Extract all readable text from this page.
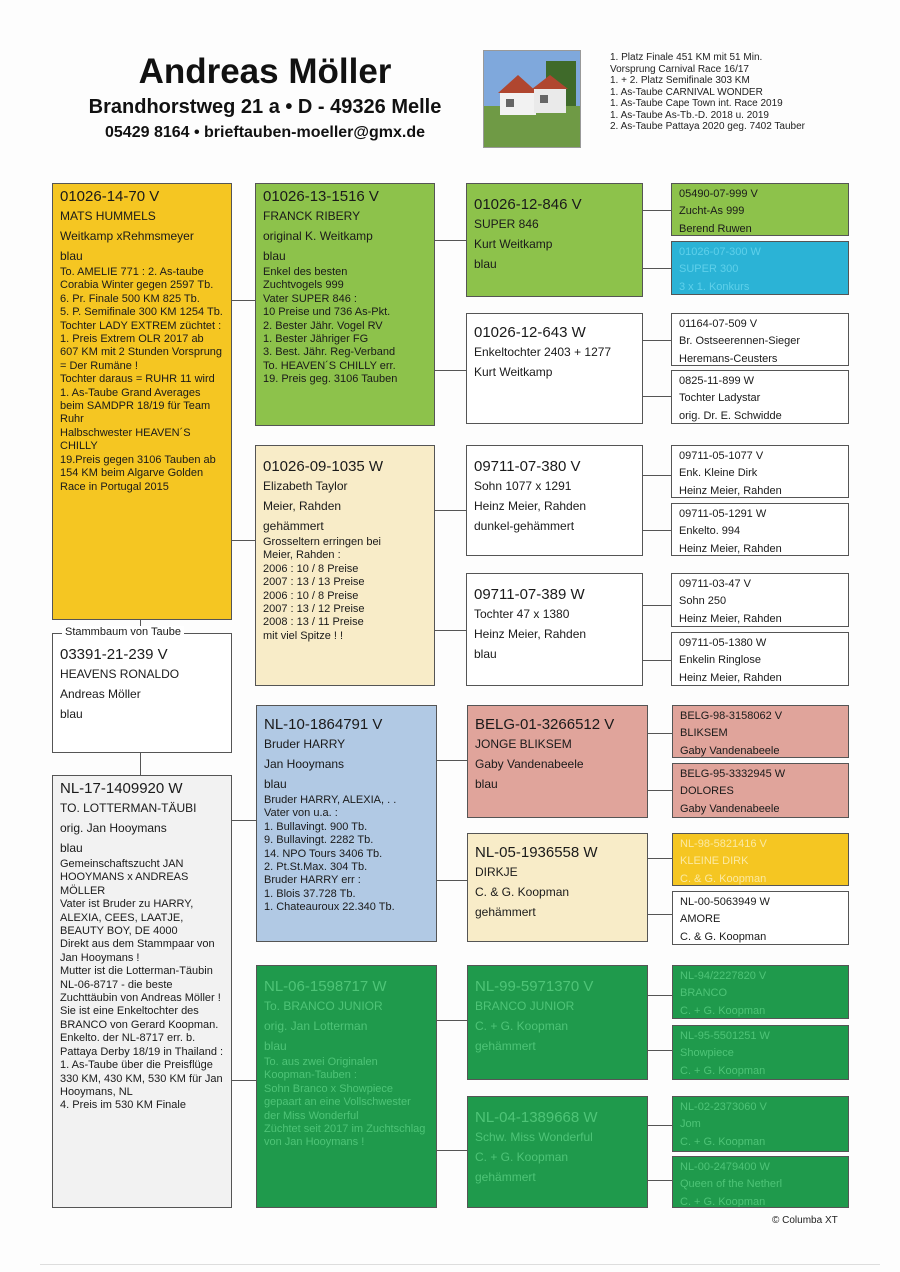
Andreas Möller
Brandhorstweg 21 a • D - 49326 Melle
05429 8164 • brieftauben-moeller@gmx.de
1. Platz Finale 451 KM mit 51 Min.
Vorsprung Carnival Race 16/17
1. + 2. Platz Semifinale 303 KM
1. As-Taube CARNIVAL WONDER
1. As-Taube Cape Town int. Race 2019
1. As-Taube As-Tb.-D. 2018 u. 2019
2. As-Taube Pattaya 2020 geg. 7402 Tauber
01026-14-70 V
MATS HUMMELS
Weitkamp xRehmsmeyer
blau
To. AMELIE 771 : 2. As-taube Corabia Winter gegen 2597 Tb.
6. Pr. Finale 500 KM 825 Tb.
5. P. Semifinale 300 KM 1254 Tb.
Tochter LADY EXTREM züchtet :
1. Preis Extrem OLR 2017 ab 607 KM mit 2 Stunden Vorsprung = Der Rumäne !
Tochter daraus = RUHR 11 wird 1. As-Taube Grand Averages beim SAMDPR 18/19 für Team Ruhr
Halbschwester HEAVEN´S CHILLY
19.Preis gegen 3106 Tauben ab 154 KM beim Algarve Golden Race in Portugal 2015
Stammbaum von Taube
03391-21-239 V
HEAVENS RONALDO
Andreas Möller
blau
NL-17-1409920 W
TO. LOTTERMAN-TÄUBI
orig. Jan Hooymans
blau
Gemeinschaftszucht JAN HOOYMANS x ANDREAS MÖLLER
Vater ist Bruder zu HARRY, ALEXIA, CEES, LAATJE, BEAUTY BOY, DE 4000
Direkt aus dem Stammpaar von Jan Hooymans !
Mutter ist die Lotterman-Täubin NL-06-8717 - die beste Zuchttäubin von Andreas Möller !
Sie ist eine Enkeltochter des BRANCO von Gerard Koopman.
Enkelto. der NL-8717 err. b. Pattaya Derby 18/19 in Thailand : 1. As-Taube über die Preisflüge 330 KM, 430 KM, 530 KM für Jan Hooymans, NL
4. Preis im 530 KM Finale
01026-13-1516 V
FRANCK RIBERY
original K. Weitkamp
blau
Enkel des besten
Zuchtvogels 999
Vater SUPER 846 :
10 Preise und 736 As-Pkt.
2. Bester Jähr. Vogel RV
1. Bester Jähriger FG
3. Best. Jähr. Reg-Verband
To. HEAVEN´S CHILLY err.
19. Preis geg. 3106 Tauben
01026-09-1035 W
Elizabeth Taylor
Meier, Rahden
gehämmert
Grosseltern erringen bei
Meier, Rahden :
2006 : 10 / 8 Preise
2007 : 13 / 13 Preise
2006 : 10 / 8 Preise
2007 : 13 / 12 Preise
2008 : 13 / 11 Preise
mit viel Spitze ! !
01026-12-846 V
SUPER 846
Kurt Weitkamp
blau
01026-12-643 W
Enkeltochter 2403 + 1277
Kurt Weitkamp
09711-07-380 V
Sohn 1077 x 1291
Heinz Meier, Rahden
dunkel-gehämmert
09711-07-389 W
Tochter 47 x 1380
Heinz Meier, Rahden
blau
05490-07-999 V
Zucht-As 999
Berend Ruwen
01026-07-300 W
SUPER 300
3 x 1. Konkurs
01164-07-509 V
Br. Ostseerennen-Sieger
Heremans-Ceusters
0825-11-899 W
Tochter Ladystar
orig. Dr. E. Schwidde
09711-05-1077 V
Enk. Kleine Dirk
Heinz Meier, Rahden
09711-05-1291 W
Enkelto. 994
Heinz Meier, Rahden
09711-03-47 V
Sohn 250
Heinz Meier, Rahden
09711-05-1380 W
Enkelin Ringlose
Heinz Meier, Rahden
NL-10-1864791 V
Bruder HARRY
Jan Hooymans
blau
Bruder HARRY, ALEXIA, . .
Vater von u.a. :
1. Bullavingt. 900 Tb.
9. Bullavingt. 2282 Tb.
14. NPO Tours 3406 Tb.
2. Pt.St.Max. 304 Tb.
Bruder HARRY err :
1. Blois 37.728 Tb.
1. Chateauroux 22.340 Tb.
NL-06-1598717 W
To. BRANCO JUNIOR
orig. Jan Lotterman
blau
To. aus zwei Originalen Koopman-Tauben :
Sohn Branco x Showpiece gepaart an eine Vollschwester der Miss Wonderful
Züchtet seit 2017 im Zuchtschlag von Jan Hooymans !
BELG-01-3266512 V
JONGE BLIKSEM
Gaby Vandenabeele
blau
NL-05-1936558 W
DIRKJE
C. & G. Koopman
gehämmert
NL-99-5971370 V
BRANCO JUNIOR
C. + G. Koopman
gehämmert
NL-04-1389668 W
Schw. Miss Wonderful
C. + G. Koopman
gehämmert
BELG-98-3158062 V
BLIKSEM
Gaby Vandenabeele
BELG-95-3332945 W
DOLORES
Gaby Vandenabeele
NL-98-5821416 V
KLEINE DIRK
C. & G. Koopman
NL-00-5063949 W
AMORE
C. & G. Koopman
NL-94/2227820 V
BRANCO
C. + G. Koopman
NL-95-5501251 W
Showpiece
C. + G. Koopman
NL-02-2373060 V
Jom
C. + G. Koopman
NL-00-2479400 W
Queen of the Netherl
C. + G. Koopman
© Columba XT
